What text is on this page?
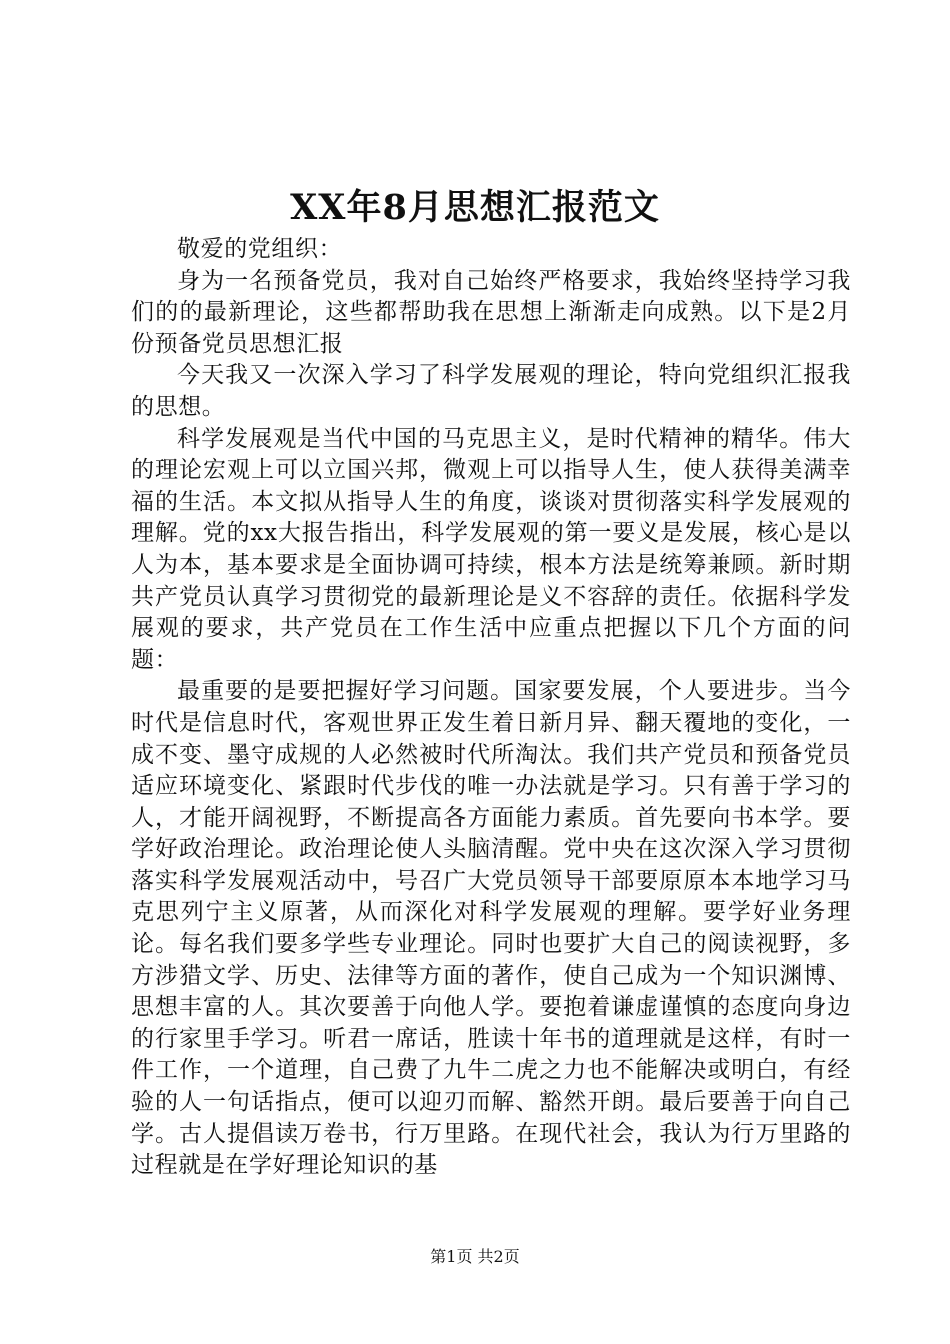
XX年8月思想汇报范文

敬爱的党组织：

身为一名预备党员，我对自己始终严格要求，我始终坚持学习我们的的最新理论，这些都帮助我在思想上渐渐走向成熟。以下是2月份预备党员思想汇报

今天我又一次深入学习了科学发展观的理论，特向党组织汇报我的思想。

科学发展观是当代中国的马克思主义，是时代精神的精华。伟大的理论宏观上可以立国兴邦，微观上可以指导人生，使人获得美满幸福的生活。本文拟从指导人生的角度，谈谈对贯彻落实科学发展观的理解。党的xx大报告指出，科学发展观的第一要义是发展，核心是以人为本，基本要求是全面协调可持续，根本方法是统筹兼顾。新时期共产党员认真学习贯彻党的最新理论是义不容辞的责任。依据科学发展观的要求，共产党员在工作生活中应重点把握以下几个方面的问题：

最重要的是要把握好学习问题。国家要发展，个人要进步。当今时代是信息时代，客观世界正发生着日新月异、翻天覆地的变化，一成不变、墨守成规的人必然被时代所淘汰。我们共产党员和预备党员适应环境变化、紧跟时代步伐的唯一办法就是学习。只有善于学习的人，才能开阔视野，不断提高各方面能力素质。首先要向书本学。要学好政治理论。政治理论使人头脑清醒。党中央在这次深入学习贯彻落实科学发展观活动中，号召广大党员领导干部要原原本本地学习马克思列宁主义原著，从而深化对科学发展观的理解。要学好业务理论。每名我们要多学些专业理论。同时也要扩大自己的阅读视野，多方涉猎文学、历史、法律等方面的著作，使自己成为一个知识渊博、思想丰富的人。其次要善于向他人学。要抱着谦虚谨慎的态度向身边的行家里手学习。听君一席话，胜读十年书的道理就是这样，有时一件工作，一个道理，自己费了九牛二虎之力也不能解决或明白，有经验的人一句话指点，便可以迎刃而解、豁然开朗。最后要善于向自己学。古人提倡读万卷书，行万里路。在现代社会，我认为行万里路的过程就是在学好理论知识的基

第1页 共2页
